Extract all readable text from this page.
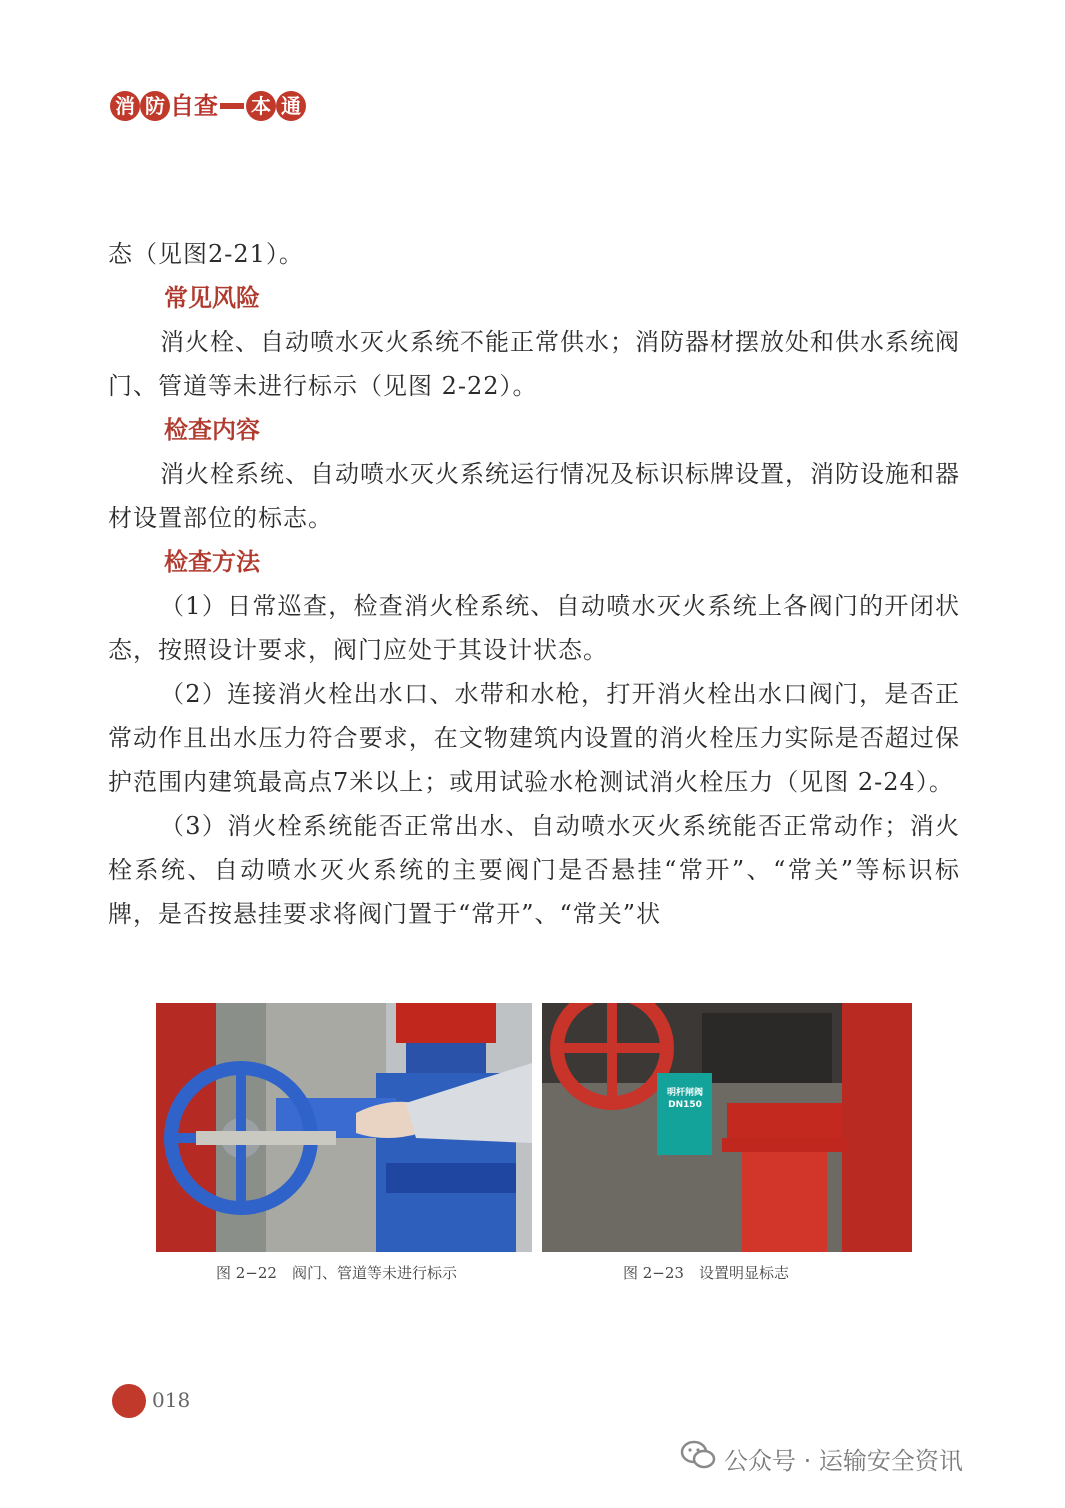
消 防 自 查 本 通

态（见图2-21）。

常见风险

消火栓、自动喷水灭火系统不能正常供水；消防器材摆放处和供水系统阀门、管道等未进行标示（见图 2-22）。

检查内容

消火栓系统、自动喷水灭火系统运行情况及标识标牌设置，消防设施和器材设置部位的标志。

检查方法

（1）日常巡查，检查消火栓系统、自动喷水灭火系统上各阀门的开闭状态，按照设计要求，阀门应处于其设计状态。

（2）连接消火栓出水口、水带和水枪，打开消火栓出水口阀门，是否正常动作且出水压力符合要求，在文物建筑内设置的消火栓压力实际是否超过保护范围内建筑最高点7米以上；或用试验水枪测试消火栓压力（见图 2-24）。

（3）消火栓系统能否正常出水、自动喷水灭火系统能否正常动作；消火栓系统、自动喷水灭火系统的主要阀门是否悬挂“常开”、“常关”等标识标牌，是否按悬挂要求将阀门置于“常开”、“常关”状

明杆闸阀
DN150
图 2−22　阀门、管道等未进行标示	图 2−23　设置明显标志
018
公众号 · 运输安全资讯
